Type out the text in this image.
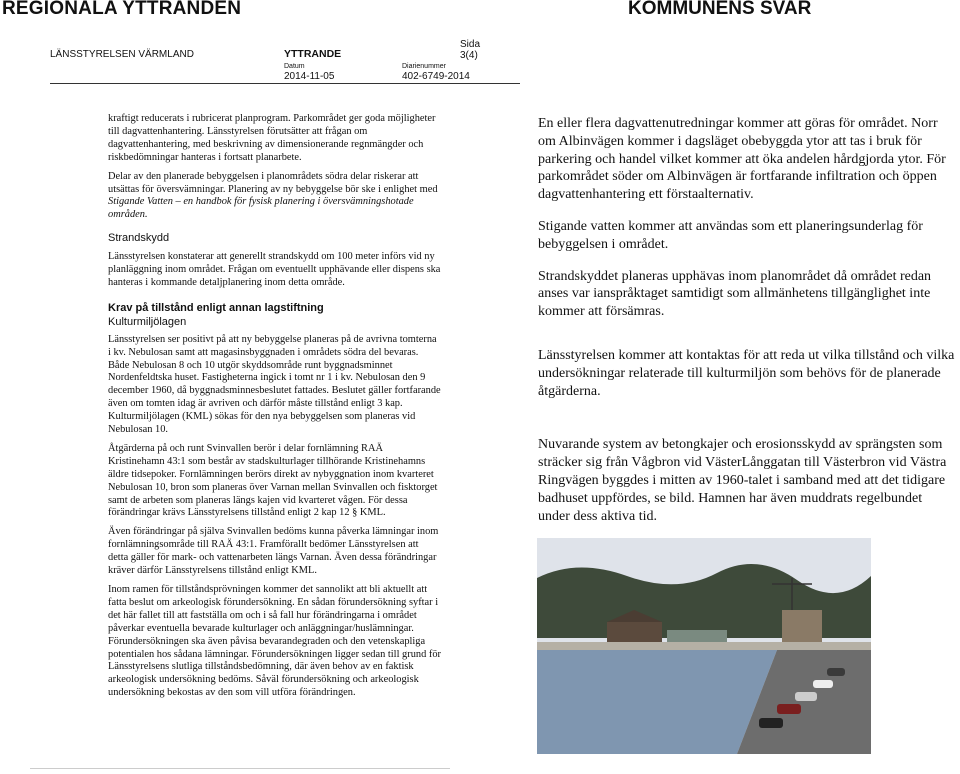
REGIONALA YTTRANDEN	KOMMUNENS SVAR
LÄNSSTYRELSEN VÄRMLAND	YTTRANDE
Sida
3(4)
Datum
2014-11-05
Diarienummer
402-6749-2014

kraftigt reducerats i rubricerat planprogram. Parkområdet ger goda möjligheter till dagvattenhantering. Länsstyrelsen förutsätter att frågan om dagvattenhantering, med beskrivning av dimensionerande regnmängder och riskbedömningar hanteras i fortsatt planarbete.

Delar av den planerade bebyggelsen i planområdets södra delar riskerar att utsättas för översvämningar. Planering av ny bebyggelse bör ske i enlighet med Stigande Vatten – en handbok för fysisk planering i översvämningshotade områden.

Strandskydd

Länsstyrelsen konstaterar att generellt strandskydd om 100 meter införs vid ny planläggning inom området. Frågan om eventuellt upphävande eller dispens ska hanteras i kommande detaljplanering inom detta område.

Krav på tillstånd enligt annan lagstiftning
Kulturmiljölagen

Länsstyrelsen ser positivt på att ny bebyggelse planeras på de avrivna tomterna i kv. Nebulosan samt att magasinsbyggnaden i områdets södra del bevaras. Både Nebulosan 8 och 10 utgör skyddsområde runt byggnadsminnet Nordenfeldtska huset. Fastigheterna ingick i tomt nr 1 i kv. Nebulosan den 9 december 1960, då byggnadsminnesbeslutet fattades. Beslutet gäller fortfarande även om tomten idag är avriven och därför måste tillstånd enligt 3 kap. Kulturmiljölagen (KML) sökas för den nya bebyggelsen som planeras vid Nebulosan 10.

Åtgärderna på och runt Svinvallen berör i delar fornlämning RAÄ Kristinehamn 43:1 som består av stadskulturlager tillhörande Kristinehamns äldre tidsepoker. Fornlämningen berörs direkt av nybyggnation inom kvarteret Nebulosan 10, bron som planeras över Varnan mellan Svinvallen och fisktorget samt de arbeten som planeras längs kajen vid kvarteret vågen. För dessa förändringar krävs Länsstyrelsens tillstånd enligt 2 kap 12 § KML.

Även förändringar på själva Svinvallen bedöms kunna påverka lämningar inom fornlämningsområde till RAÄ 43:1. Framförallt bedömer Länsstyrelsen att detta gäller för mark- och vattenarbeten längs Varnan. Även dessa förändringar kräver därför Länsstyrelsens tillstånd enligt KML.

Inom ramen för tillståndsprövningen kommer det sannolikt att bli aktuellt att fatta beslut om arkeologisk förundersökning. En sådan förundersökning syftar i det här fallet till att fastställa om och i så fall hur förändringarna i området påverkar eventuella bevarade kulturlager och anläggningar/huslämningar. Förundersökningen ska även påvisa bevarandegraden och den vetenskapliga potentialen hos sådana lämningar. Förundersökningen ligger sedan till grund för Länsstyrelsens slutliga tillståndsbedömning, där även behov av en faktisk arkeologisk undersökning bedöms. Såväl förundersökning och arkeologisk undersökning bekostas av den som vill utföra förändringen.

En eller flera dagvattenutredningar kommer att göras för området. Norr om Albinvägen kommer i dagsläget obebyggda ytor att tas i bruk för parkering och handel vilket kommer att öka andelen hårdgjorda ytor. För parkområdet söder om Albinvägen är fortfarande infiltration och öppen dagvattenhantering ett förstaalternativ.

Stigande vatten kommer att användas som ett planeringsunderlag för bebyggelsen i området.

Strandskyddet planeras upphävas inom planområdet då området redan anses var ianspråktaget samtidigt som allmänhetens tillgänglighet inte kommer att försämras.

Länsstyrelsen kommer att kontaktas för att reda ut vilka tillstånd och vilka undersökningar relaterade till kulturmiljön som behövs för de planerade åtgärderna.

Nuvarande system av betongkajer och erosionsskydd av sprängsten som sträcker sig från Vågbron vid VästerLånggatan till Västerbron vid Västra Ringvägen byggdes i mitten av 1960-talet i samband med att det tidigare badhuset uppfördes, se bild. Hamnen har även muddrats regelbundet under dess aktiva tid.
